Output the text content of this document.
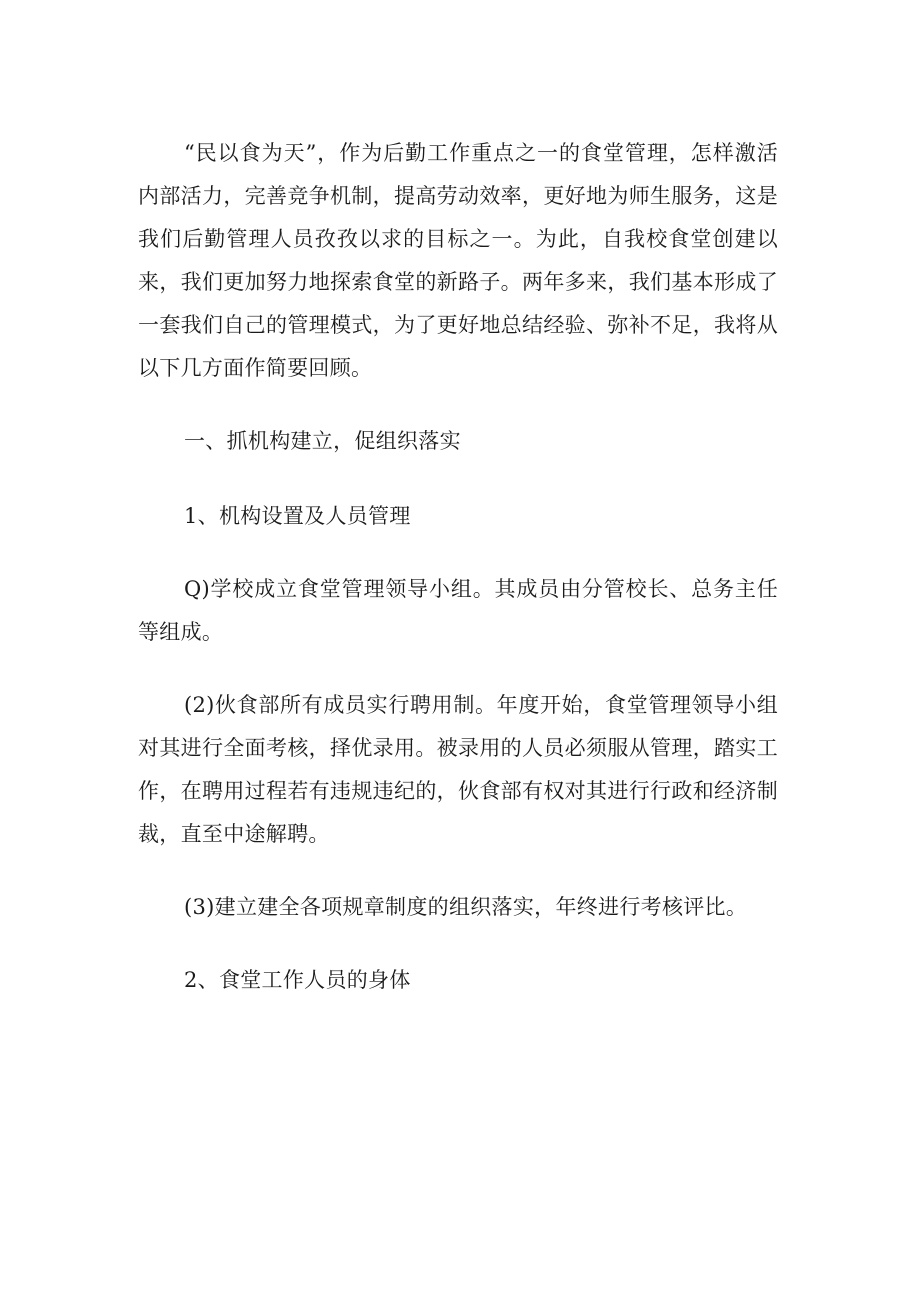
“民以食为天”，作为后勤工作重点之一的食堂管理，怎样激活内部活力，完善竞争机制，提高劳动效率，更好地为师生服务，这是我们后勤管理人员孜孜以求的目标之一。为此，自我校食堂创建以来，我们更加努力地探索食堂的新路子。两年多来，我们基本形成了一套我们自己的管理模式，为了更好地总结经验、弥补不足，我将从以下几方面作简要回顾。

一、抓机构建立，促组织落实

1、机构设置及人员管理

Q)学校成立食堂管理领导小组。其成员由分管校长、总务主任等组成。

(2)伙食部所有成员实行聘用制。年度开始，食堂管理领导小组对其进行全面考核，择优录用。被录用的人员必须服从管理，踏实工作，在聘用过程若有违规违纪的，伙食部有权对其进行行政和经济制裁，直至中途解聘。

(3)建立建全各项规章制度的组织落实，年终进行考核评比。

2、食堂工作人员的身体
